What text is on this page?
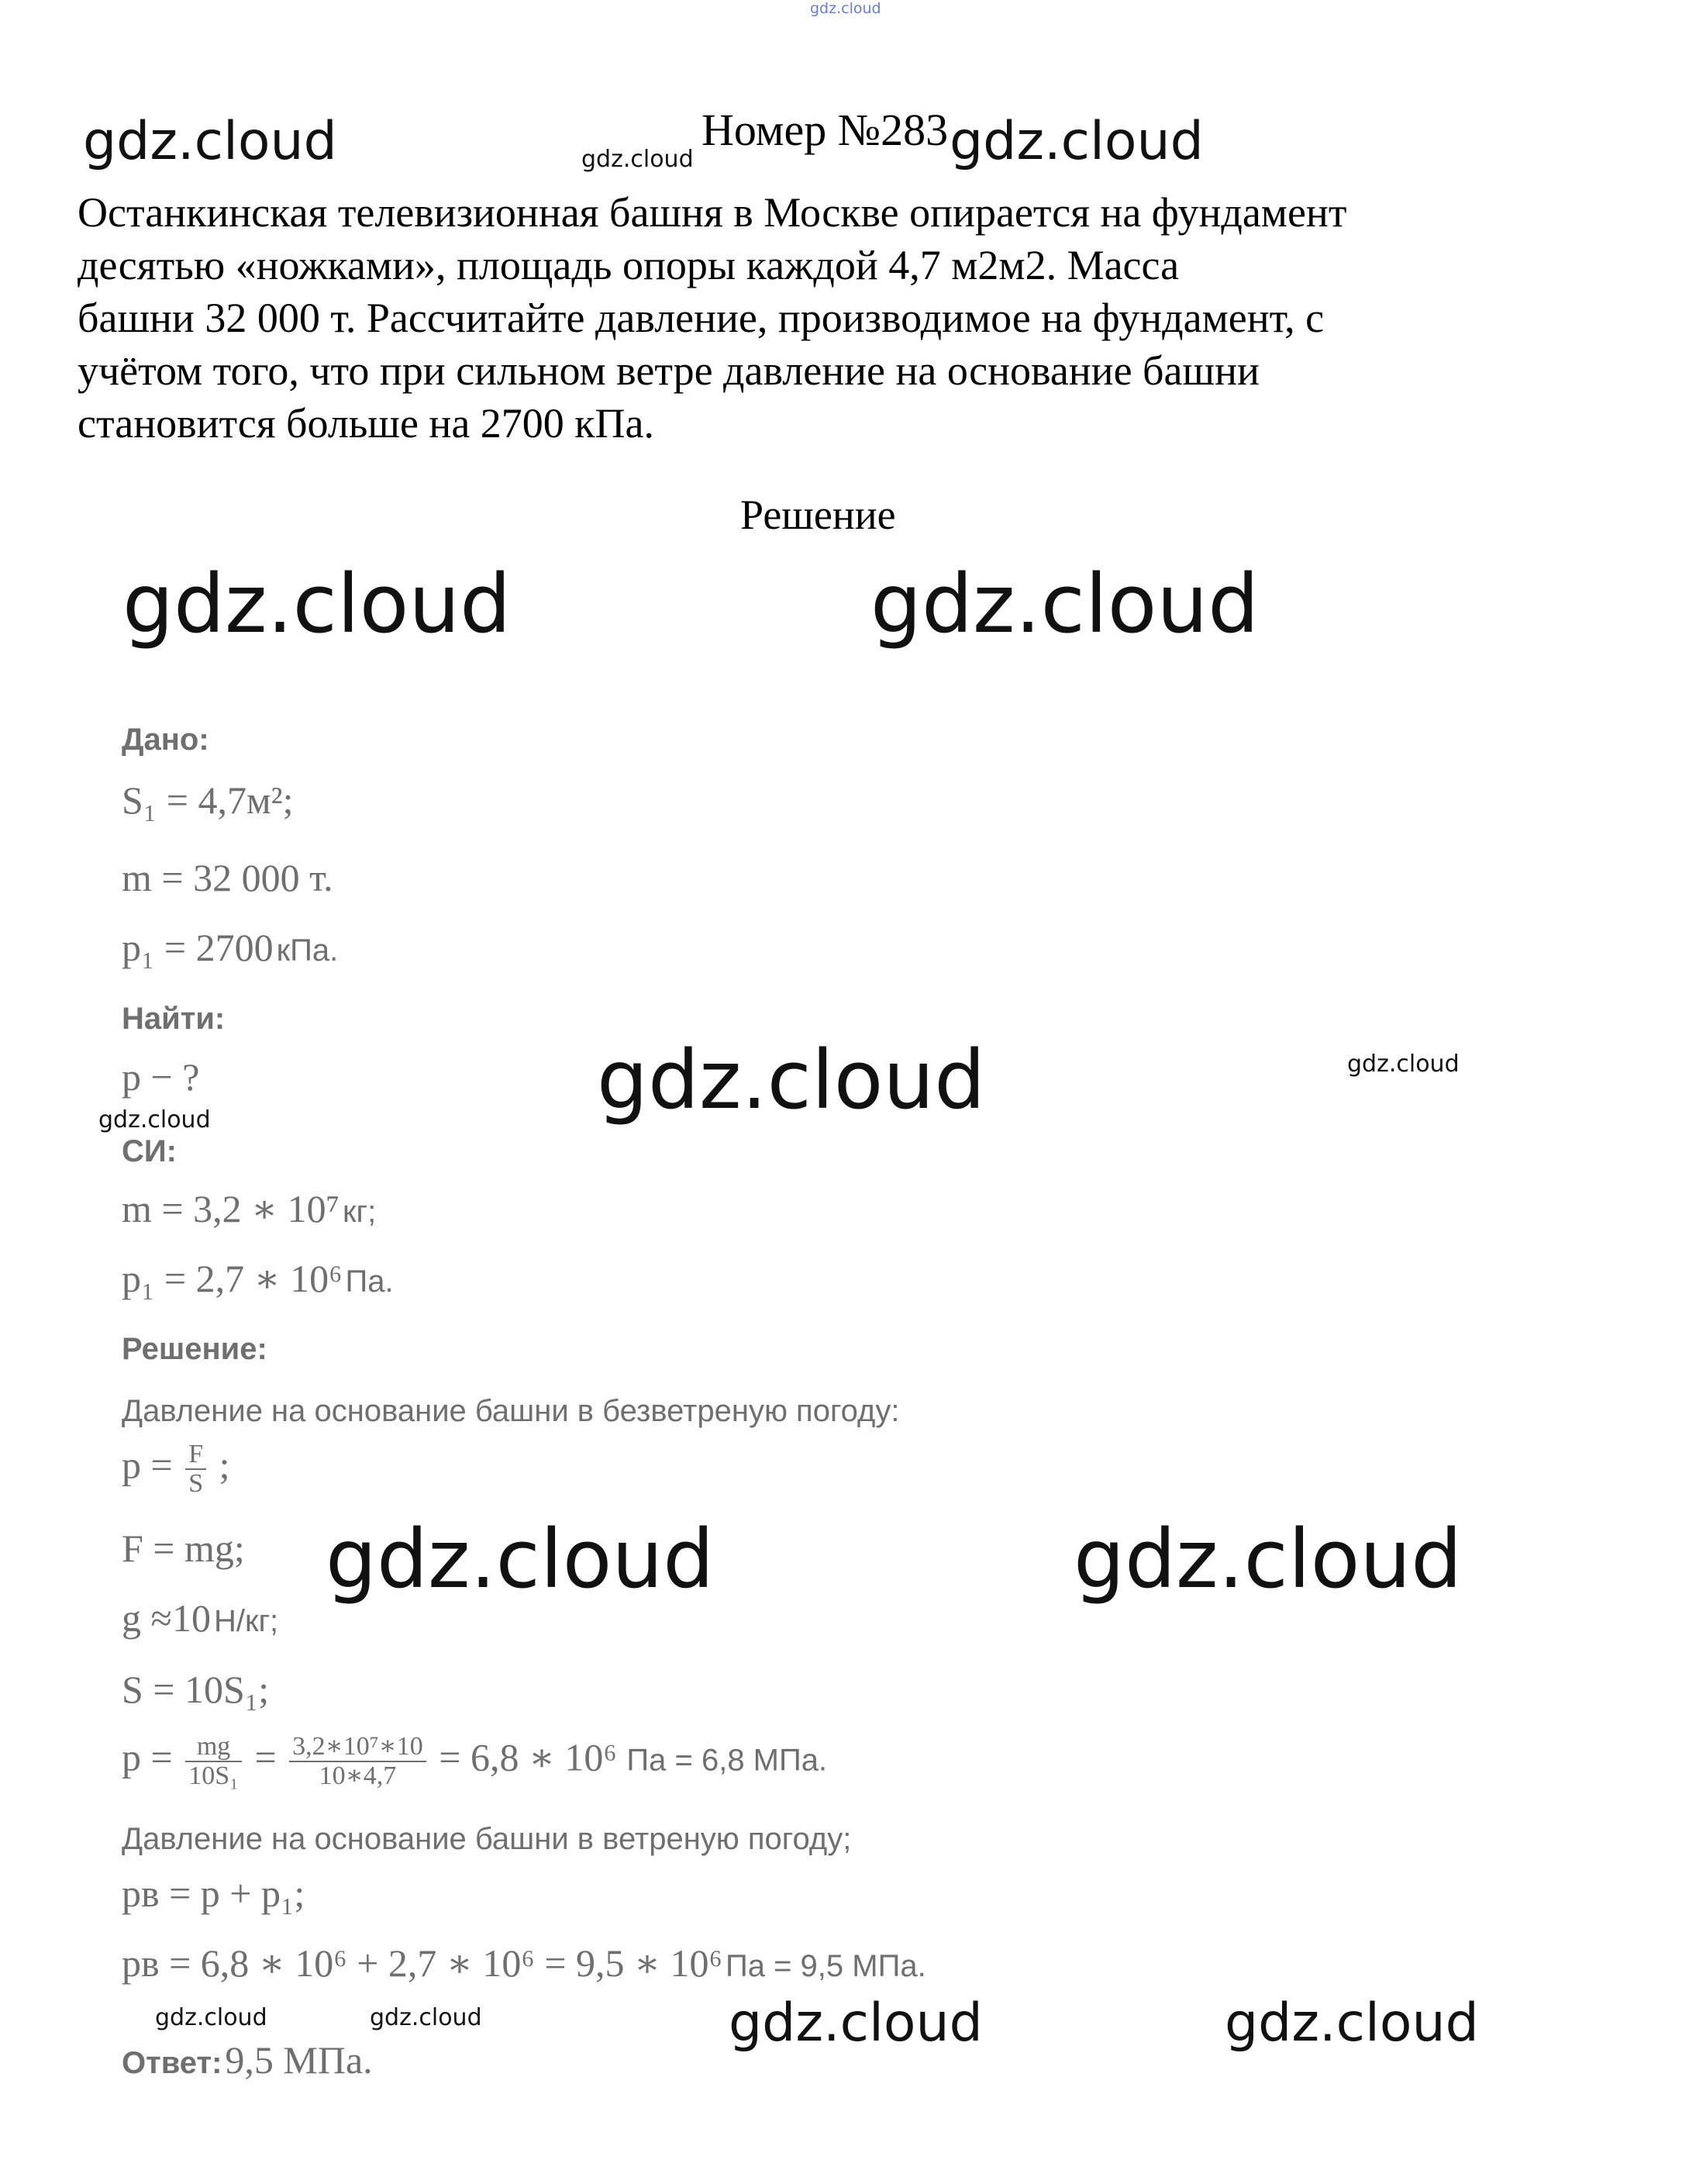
gdz.cloud
gdz.cloud	gdz.cloud
Номер №283 gdz.cloud
Останкинская телевизионная башня в Москве опирается на фундамент
десятью «ножками», площадь опоры каждой 4,7 м2м2. Масса
башни 32 000 т. Рассчитайте давление, производимое на фундамент, с
учётом того, что при сильном ветре давление на основание башни
становится больше на 2700 кПа.
Решение
gdz.cloud	gdz.cloud
Дано:
S₁ = 4,7м²;
m = 32 000 т.
p₁ = 2700 кПа.
Найти:
p − ?
СИ:
m = 3,2 ∗ 10⁷ кг;
p₁ = 2,7 ∗ 10⁶ Па.
Решение:
Давление на основание башни в безветреную погоду:
$p = \frac{F}{S}$ ;
F = mg;
g ≈10 Н/кг;
S = 10S₁;
$p = \frac{mg}{\text{10S₁}} = \frac{\text{3,2∗10⁷∗10}}{10∗4,7} = 6,8$ ∗ 10⁶ Па = 6,8 МПа.
Давление на основание башни в ветреную погоду;
pв = p + p₁;
pв = 6,8 ∗ 10⁶ + 2,7 ∗ 10⁶ = 9,5 ∗ 10⁶ Па = 9,5 МПа.
Ответ: 9,5 МПа.
gdz.cloud
gdz.cloud
gdz.cloud
gdz.cloud	gdz.cloud
gdz.cloud	gdz.cloud	gdz.cloud	gdz.cloud
